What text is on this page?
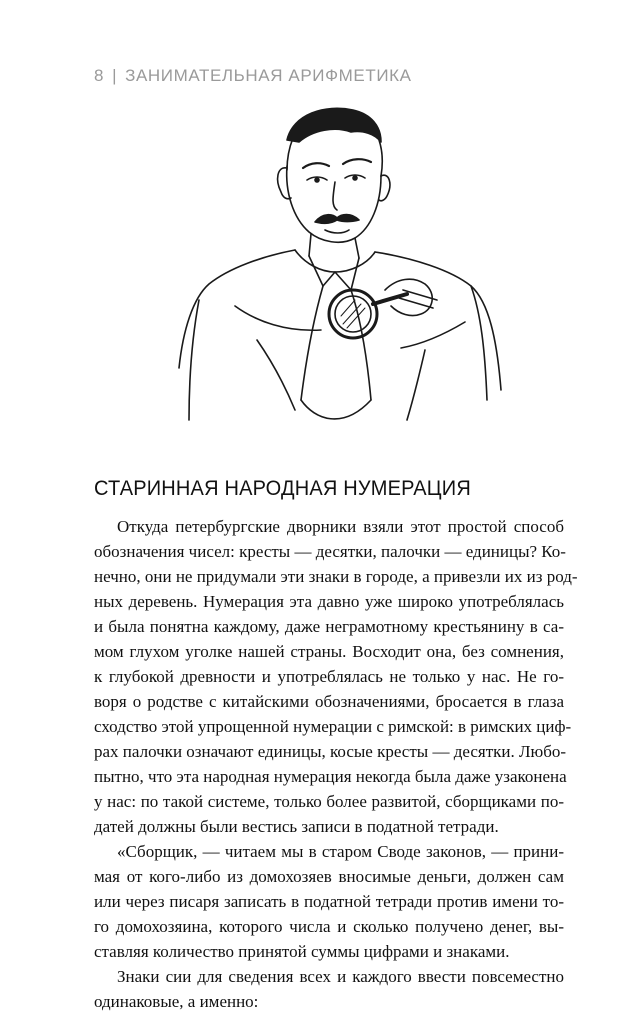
8 | ЗАНИМАТЕЛЬНАЯ АРИФМЕТИКА
СТАРИННАЯ НАРОДНАЯ НУМЕРАЦИЯ
Откуда петербургские дворники взяли этот простой способ
обозначения чисел: кресты — десятки, палочки — единицы? Ко-
нечно, они не придумали эти знаки в городе, а привезли их из род-
ных деревень. Нумерация эта давно уже широко употреблялась
и была понятна каждому, даже неграмотному крестьянину в са-
мом глухом уголке нашей страны. Восходит она, без сомнения,
к глубокой древности и употреблялась не только у нас. Не го-
воря о родстве с китайскими обозначениями, бросается в глаза
сходство этой упрощенной нумерации с римской: в римских циф-
рах палочки означают единицы, косые кресты — десятки. Любо-
пытно, что эта народная нумерация некогда была даже узаконена
у нас: по такой системе, только более развитой, сборщиками по-
датей должны были вестись записи в податной тетради.
«Сборщик, — читаем мы в старом Своде законов, — прини-
мая от кого-либо из домохозяев вносимые деньги, должен сам
или через писаря записать в податной тетради против имени то-
го домохозяина, которого числа и сколько получено денег, вы-
ставляя количество принятой суммы цифрами и знаками.
Знаки сии для сведения всех и каждого ввести повсеместно
одинаковые, а именно:
